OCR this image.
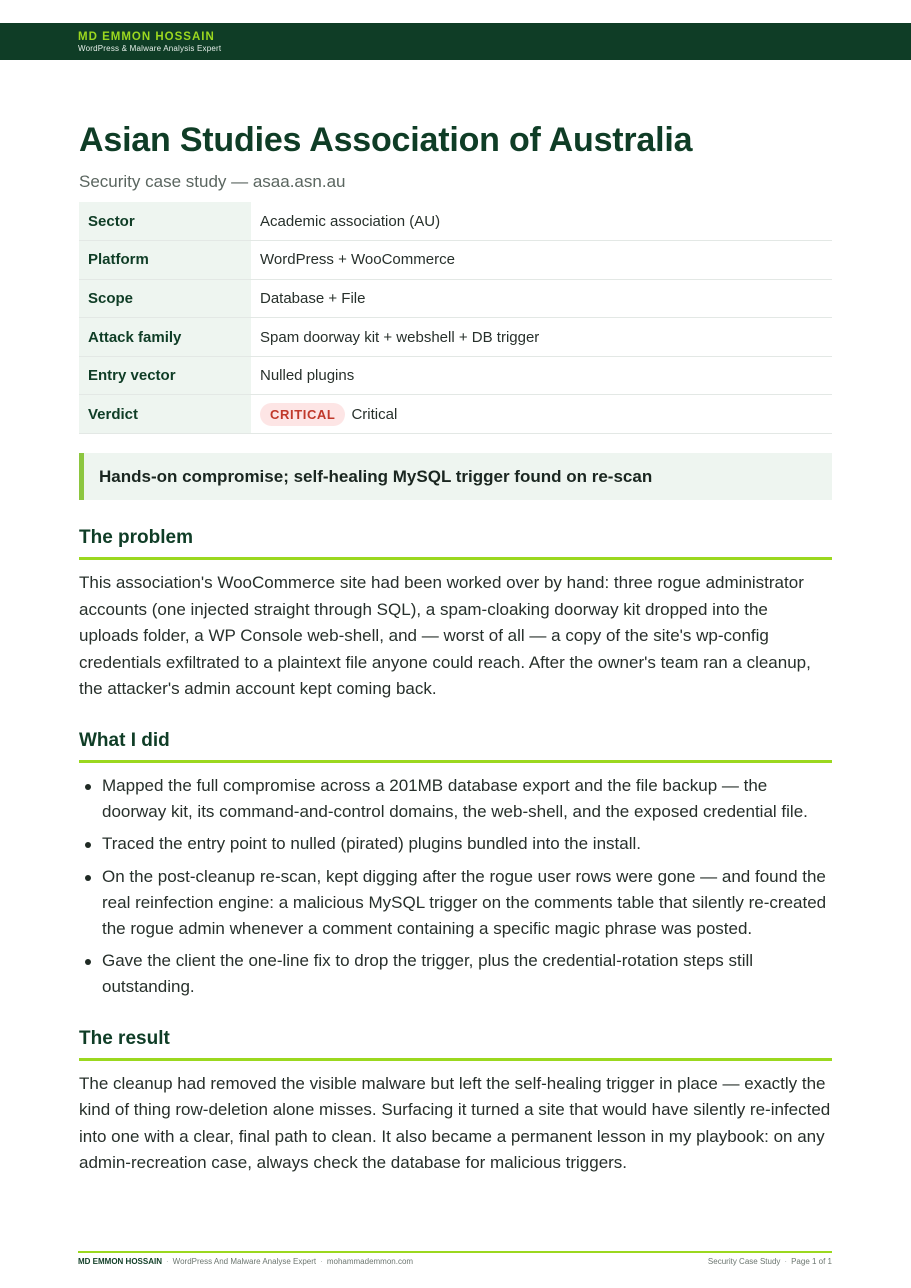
MD EMMON HOSSAIN
WordPress & Malware Analysis Expert
Asian Studies Association of Australia
Security case study — asaa.asn.au
Sector	Academic association (AU)
Platform	WordPress + WooCommerce
Scope	Database + File
Attack family	Spam doorway kit + webshell + DB trigger
Entry vector	Nulled plugins
Verdict	CRITICAL Critical
Hands-on compromise; self-healing MySQL trigger found on re-scan
The problem

This association's WooCommerce site had been worked over by hand: three rogue administrator accounts (one injected straight through SQL), a spam-cloaking doorway kit dropped into the uploads folder, a WP Console web-shell, and — worst of all — a copy of the site's wp-config credentials exfiltrated to a plaintext file anyone could reach. After the owner's team ran a cleanup, the attacker's admin account kept coming back.

What I did
Mapped the full compromise across a 201MB database export and the file backup — the doorway kit, its command-and-control domains, the web-shell, and the exposed credential file.
Traced the entry point to nulled (pirated) plugins bundled into the install.
On the post-cleanup re-scan, kept digging after the rogue user rows were gone — and found the real reinfection engine: a malicious MySQL trigger on the comments table that silently re-created the rogue admin whenever a comment containing a specific magic phrase was posted.
Gave the client the one-line fix to drop the trigger, plus the credential-rotation steps still outstanding.
The result

The cleanup had removed the visible malware but left the self-healing trigger in place — exactly the kind of thing row-deletion alone misses. Surfacing it turned a site that would have silently re-infected into one with a clear, final path to clean. It also became a permanent lesson in my playbook: on any admin-recreation case, always check the database for malicious triggers.

MD EMMON HOSSAIN · WordPress And Malware Analyse Expert · mohammademmon.com	Security Case Study · Page 1 of 1
